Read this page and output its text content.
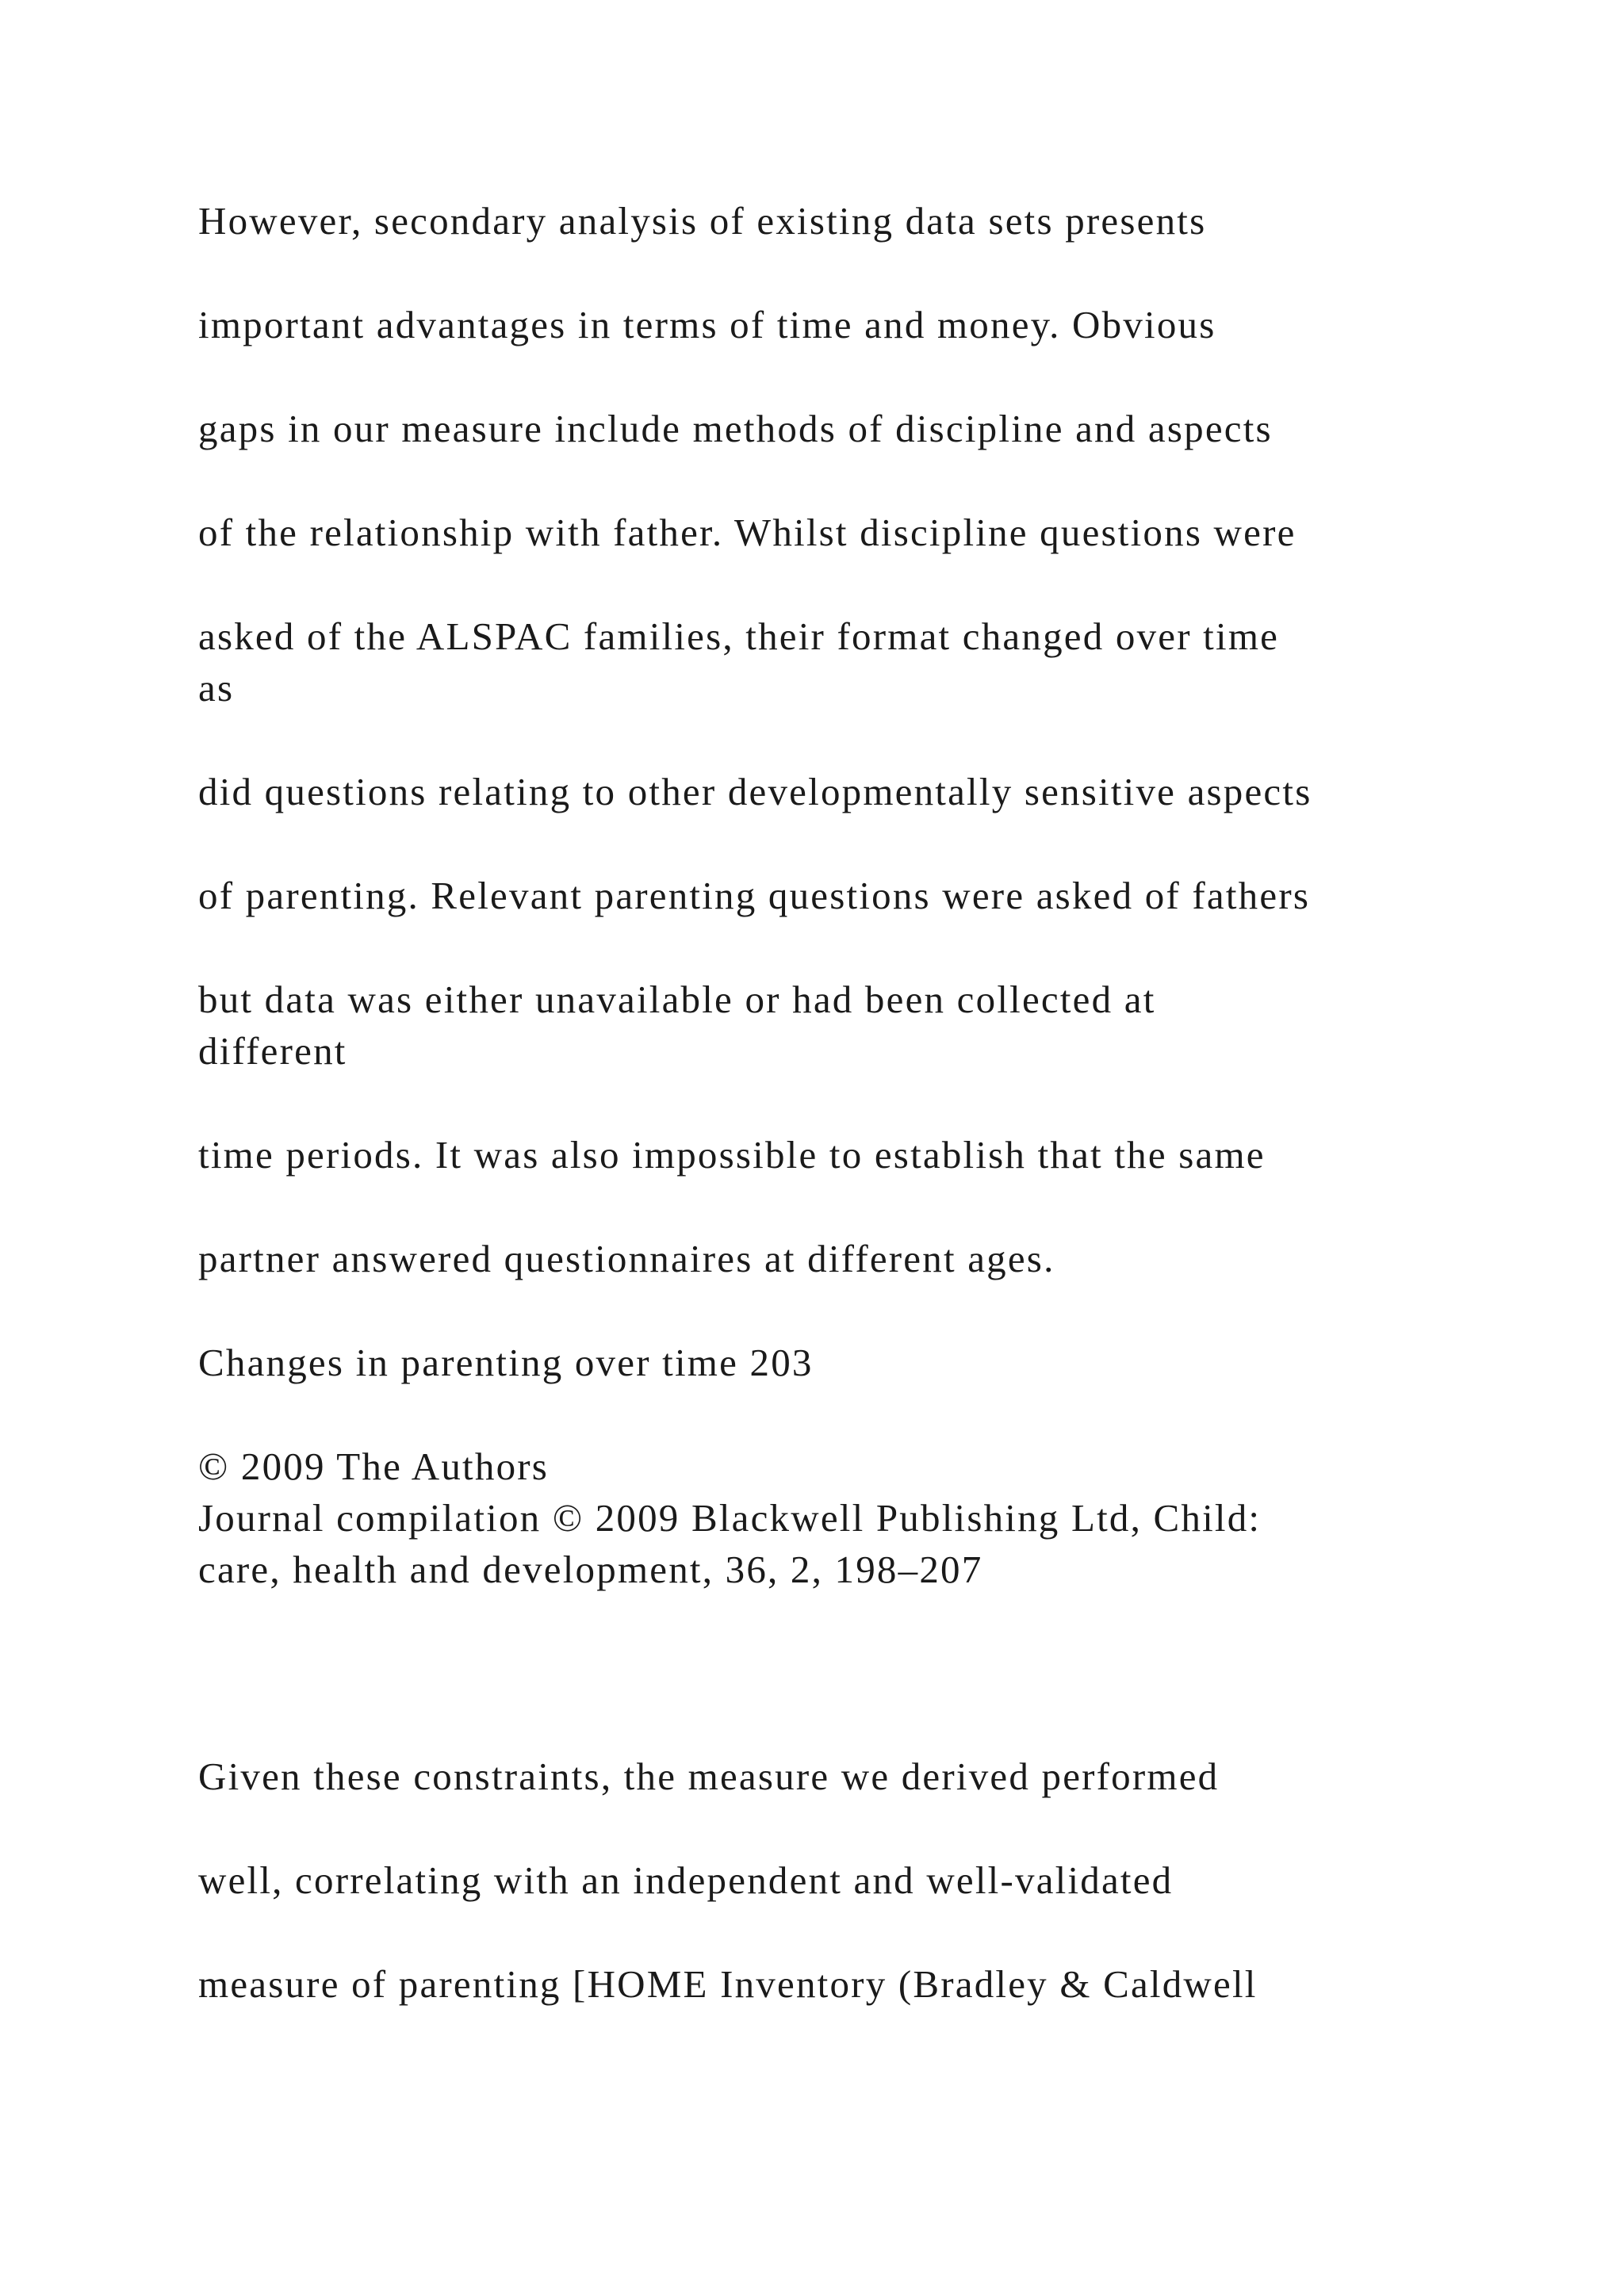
However, secondary analysis of existing data sets presents
important advantages in terms of time and money. Obvious
gaps in our measure include methods of discipline and aspects
of the relationship with father. Whilst discipline questions were
asked of the ALSPAC families, their format changed over time
as
did questions relating to other developmentally sensitive aspects
of parenting. Relevant parenting questions were asked of fathers
but data was either unavailable or had been collected at
different
time periods. It was also impossible to establish that the same
partner answered questionnaires at different ages.
Changes in parenting over time 203
© 2009 The Authors
Journal compilation © 2009 Blackwell Publishing Ltd, Child:
care, health and development, 36, 2, 198–207
Given these constraints, the measure we derived performed
well, correlating with an independent and well-validated
measure of parenting [HOME Inventory (Bradley & Caldwell
